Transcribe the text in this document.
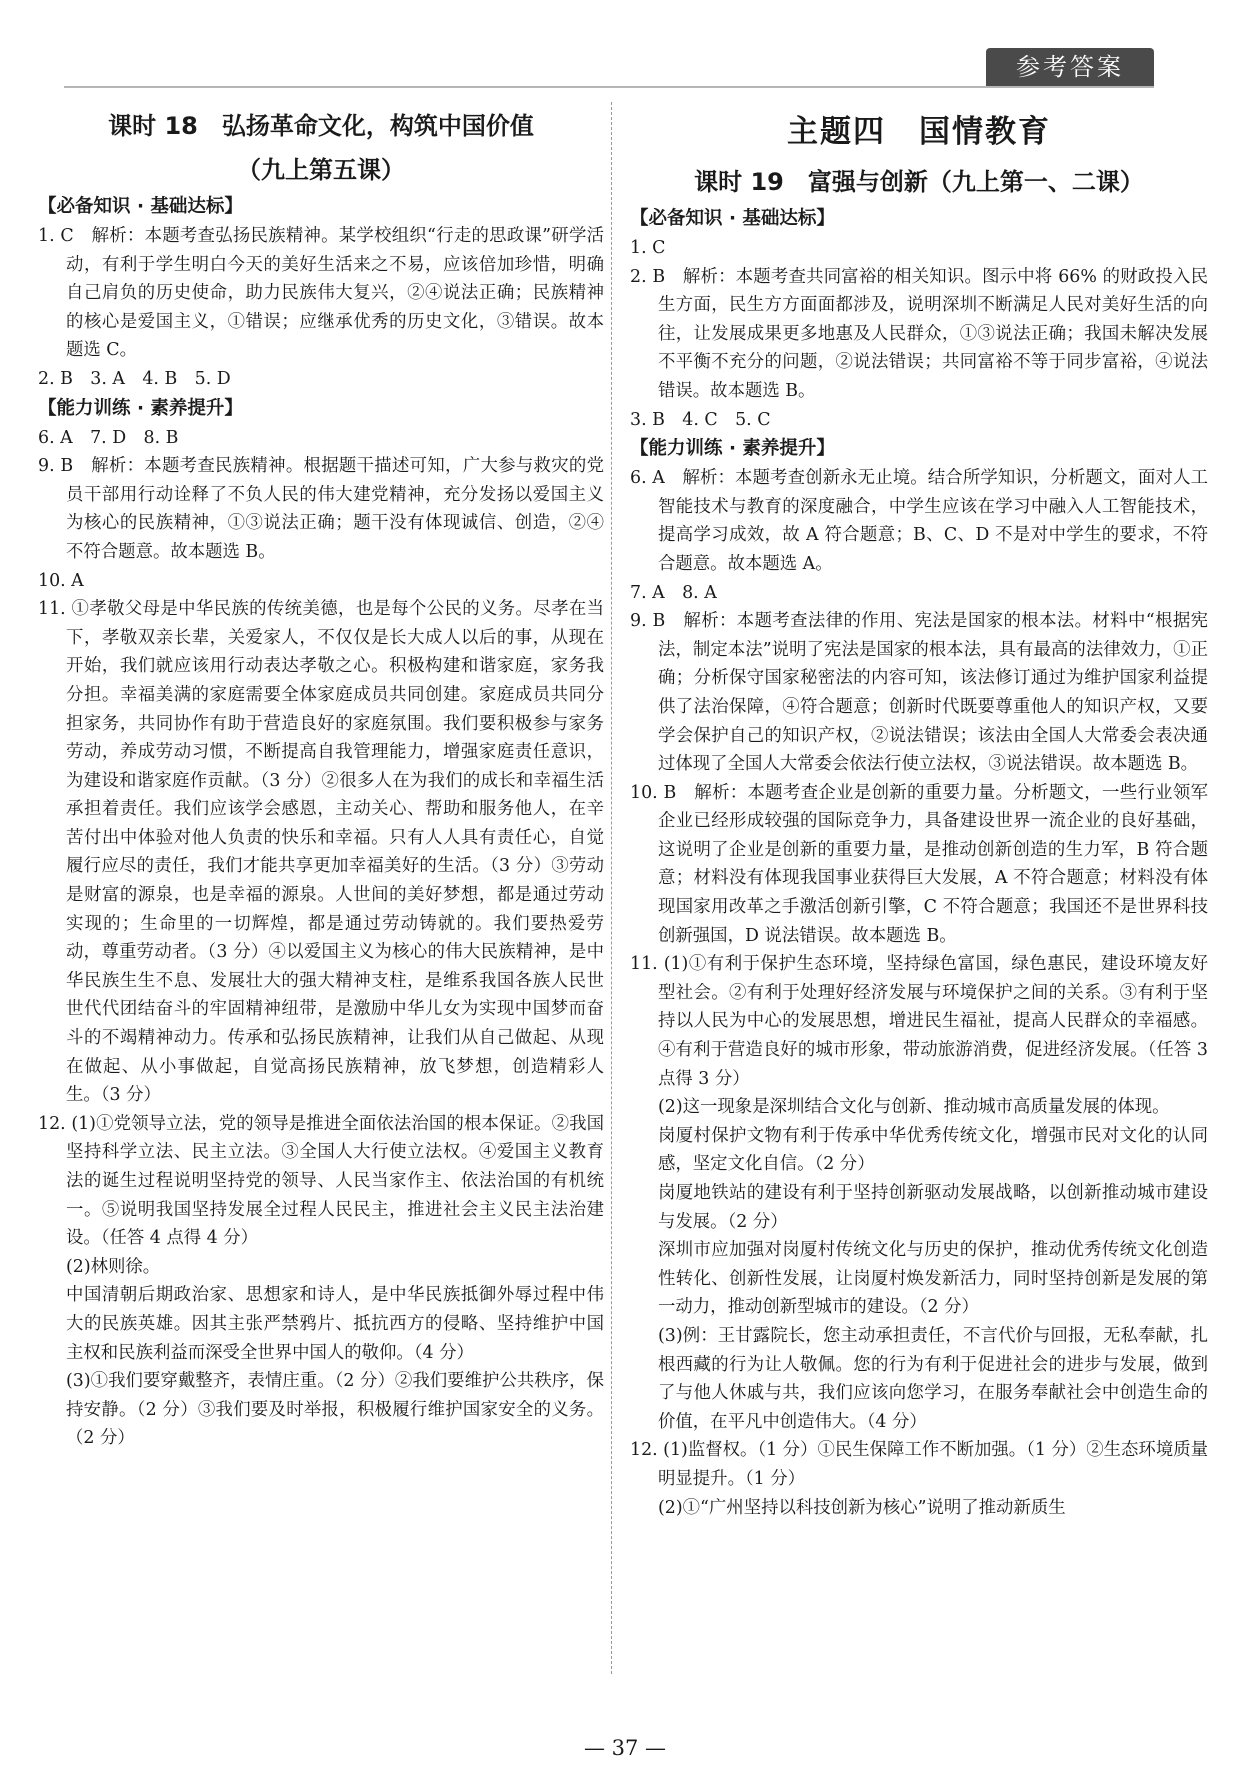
参考答案
课时 18　弘扬革命文化，构筑中国价值
（九上第五课）
【必备知识 · 基础达标】

1. C　解析：本题考查弘扬民族精神。某学校组织“行走的思政课”研学活动，有利于学生明白今天的美好生活来之不易，应该倍加珍惜，明确自己肩负的历史使命，助力民族伟大复兴，②④说法正确；民族精神的核心是爱国主义，①错误；应继承优秀的历史文化，③错误。故本题选 C。

2. B　3. A　4. B　5. D

【能力训练 · 素养提升】

6. A　7. D　8. B

9. B　解析：本题考查民族精神。根据题干描述可知，广大参与救灾的党员干部用行动诠释了不负人民的伟大建党精神，充分发扬以爱国主义为核心的民族精神，①③说法正确；题干没有体现诚信、创造，②④不符合题意。故本题选 B。

10. A

11. ①孝敬父母是中华民族的传统美德，也是每个公民的义务。尽孝在当下，孝敬双亲长辈，关爱家人，不仅仅是长大成人以后的事，从现在开始，我们就应该用行动表达孝敬之心。积极构建和谐家庭，家务我分担。幸福美满的家庭需要全体家庭成员共同创建。家庭成员共同分担家务，共同协作有助于营造良好的家庭氛围。我们要积极参与家务劳动，养成劳动习惯，不断提高自我管理能力，增强家庭责任意识，为建设和谐家庭作贡献。（3 分）②很多人在为我们的成长和幸福生活承担着责任。我们应该学会感恩，主动关心、帮助和服务他人，在辛苦付出中体验对他人负责的快乐和幸福。只有人人具有责任心，自觉履行应尽的责任，我们才能共享更加幸福美好的生活。（3 分）③劳动是财富的源泉，也是幸福的源泉。人世间的美好梦想，都是通过劳动实现的；生命里的一切辉煌，都是通过劳动铸就的。我们要热爱劳动，尊重劳动者。（3 分）④以爱国主义为核心的伟大民族精神，是中华民族生生不息、发展壮大的强大精神支柱，是维系我国各族人民世世代代团结奋斗的牢固精神纽带，是激励中华儿女为实现中国梦而奋斗的不竭精神动力。传承和弘扬民族精神，让我们从自己做起、从现在做起、从小事做起，自觉高扬民族精神，放飞梦想，创造精彩人生。（3 分）

12. (1)①党领导立法，党的领导是推进全面依法治国的根本保证。②我国坚持科学立法、民主立法。③全国人大行使立法权。④爱国主义教育法的诞生过程说明坚持党的领导、人民当家作主、依法治国的有机统一。⑤说明我国坚持发展全过程人民民主，推进社会主义民主法治建设。（任答 4 点得 4 分）

(2)林则徐。

中国清朝后期政治家、思想家和诗人，是中华民族抵御外辱过程中伟大的民族英雄。因其主张严禁鸦片、抵抗西方的侵略、坚持维护中国主权和民族利益而深受全世界中国人的敬仰。（4 分）

(3)①我们要穿戴整齐，表情庄重。（2 分）②我们要维护公共秩序，保持安静。（2 分）③我们要及时举报，积极履行维护国家安全的义务。（2 分）

主题四　国情教育
课时 19　富强与创新（九上第一、二课）
【必备知识 · 基础达标】

1. C

2. B　解析：本题考查共同富裕的相关知识。图示中将 66% 的财政投入民生方面，民生方方面面都涉及，说明深圳不断满足人民对美好生活的向往，让发展成果更多地惠及人民群众，①③说法正确；我国未解决发展不平衡不充分的问题，②说法错误；共同富裕不等于同步富裕，④说法错误。故本题选 B。

3. B　4. C　5. C

【能力训练 · 素养提升】

6. A　解析：本题考查创新永无止境。结合所学知识，分析题文，面对人工智能技术与教育的深度融合，中学生应该在学习中融入人工智能技术，提高学习成效，故 A 符合题意；B、C、D 不是对中学生的要求，不符合题意。故本题选 A。

7. A　8. A

9. B　解析：本题考查法律的作用、宪法是国家的根本法。材料中“根据宪法，制定本法”说明了宪法是国家的根本法，具有最高的法律效力，①正确；分析保守国家秘密法的内容可知，该法修订通过为维护国家利益提供了法治保障，④符合题意；创新时代既要尊重他人的知识产权，又要学会保护自己的知识产权，②说法错误；该法由全国人大常委会表决通过体现了全国人大常委会依法行使立法权，③说法错误。故本题选 B。

10. B　解析：本题考查企业是创新的重要力量。分析题文，一些行业领军企业已经形成较强的国际竞争力，具备建设世界一流企业的良好基础，这说明了企业是创新的重要力量，是推动创新创造的生力军，B 符合题意；材料没有体现我国事业获得巨大发展，A 不符合题意；材料没有体现国家用改革之手激活创新引擎，C 不符合题意；我国还不是世界科技创新强国，D 说法错误。故本题选 B。

11. (1)①有利于保护生态环境，坚持绿色富国，绿色惠民，建设环境友好型社会。②有利于处理好经济发展与环境保护之间的关系。③有利于坚持以人民为中心的发展思想，增进民生福祉，提高人民群众的幸福感。④有利于营造良好的城市形象，带动旅游消费，促进经济发展。（任答 3 点得 3 分）

(2)这一现象是深圳结合文化与创新、推动城市高质量发展的体现。

岗厦村保护文物有利于传承中华优秀传统文化，增强市民对文化的认同感，坚定文化自信。（2 分）

岗厦地铁站的建设有利于坚持创新驱动发展战略，以创新推动城市建设与发展。（2 分）

深圳市应加强对岗厦村传统文化与历史的保护，推动优秀传统文化创造性转化、创新性发展，让岗厦村焕发新活力，同时坚持创新是发展的第一动力，推动创新型城市的建设。（2 分）

(3)例：王甘露院长，您主动承担责任，不言代价与回报，无私奉献，扎根西藏的行为让人敬佩。您的行为有利于促进社会的进步与发展，做到了与他人休戚与共，我们应该向您学习，在服务奉献社会中创造生命的价值，在平凡中创造伟大。（4 分）

12. (1)监督权。（1 分）①民生保障工作不断加强。（1 分）②生态环境质量明显提升。（1 分）

(2)①“广州坚持以科技创新为核心”说明了推动新质生

— 37 —
